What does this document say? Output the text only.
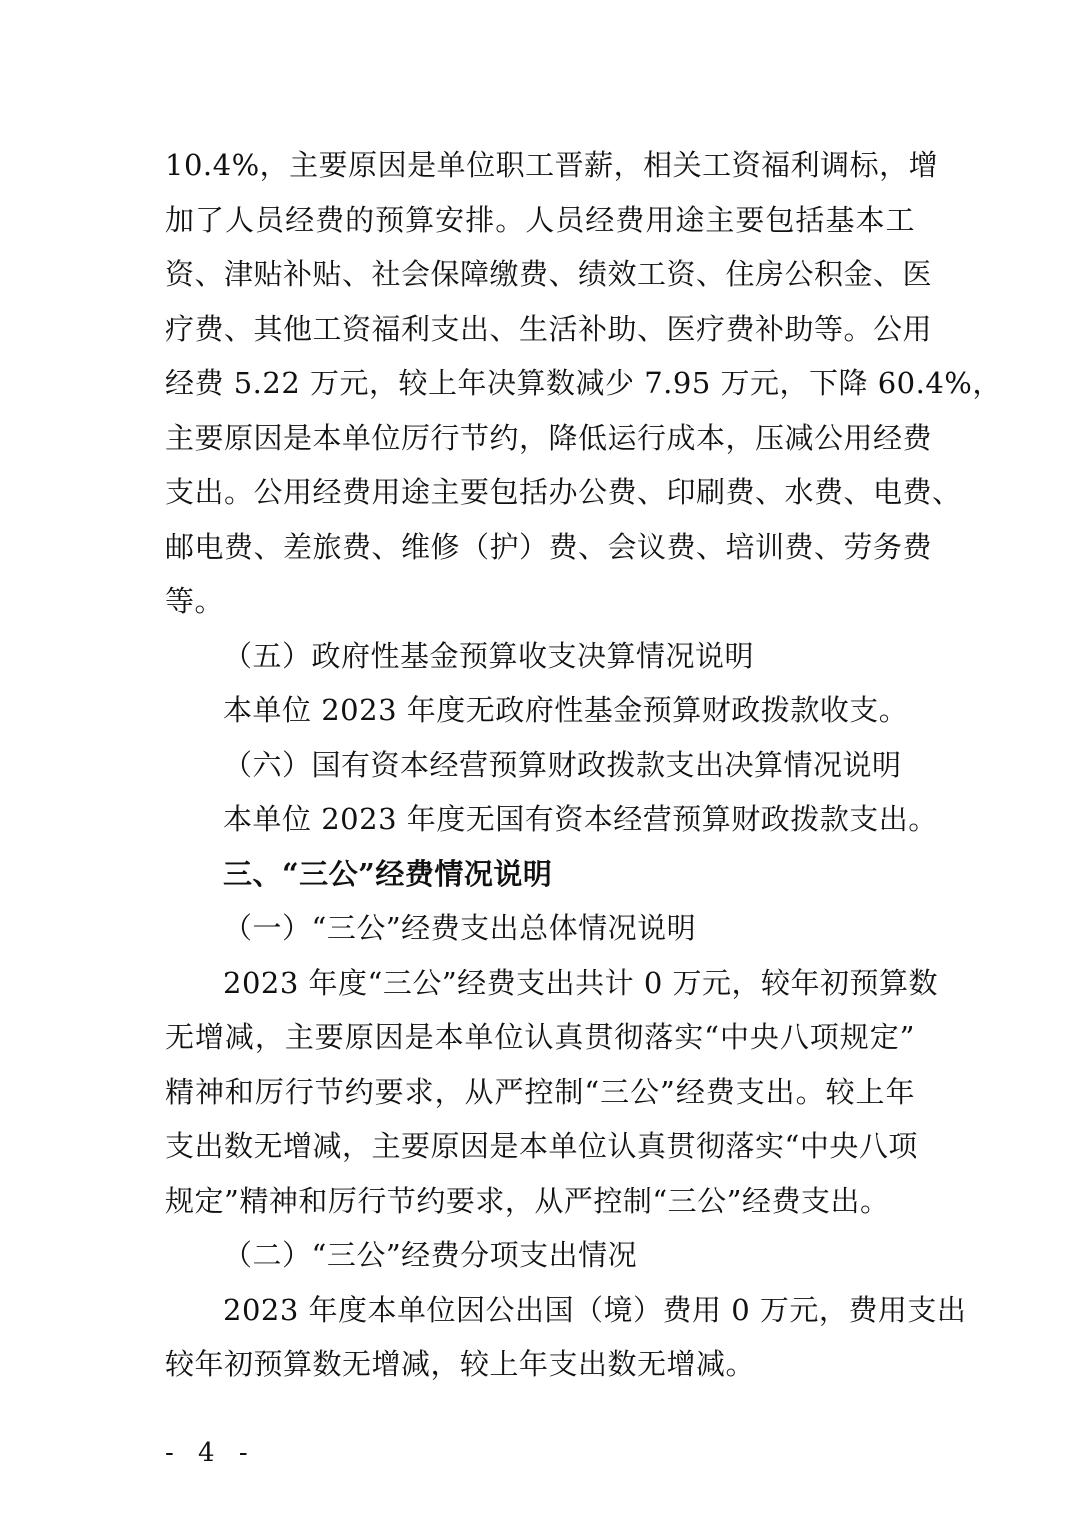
10.4%，主要原因是单位职工晋薪，相关工资福利调标，增
加了人员经费的预算安排。人员经费用途主要包括基本工
资、津贴补贴、社会保障缴费、绩效工资、住房公积金、医
疗费、其他工资福利支出、生活补助、医疗费补助等。公用
经费 5.22 万元，较上年决算数减少 7.95 万元，下降 60.4%，
主要原因是本单位厉行节约，降低运行成本，压减公用经费
支出。公用经费用途主要包括办公费、印刷费、水费、电费、
邮电费、差旅费、维修（护）费、会议费、培训费、劳务费
等。
（五）政府性基金预算收支决算情况说明
本单位 2023 年度无政府性基金预算财政拨款收支。
（六）国有资本经营预算财政拨款支出决算情况说明
本单位 2023 年度无国有资本经营预算财政拨款支出。
三、“三公”经费情况说明
（一）“三公”经费支出总体情况说明
2023 年度“三公”经费支出共计 0 万元，较年初预算数
无增减，主要原因是本单位认真贯彻落实“中央八项规定”
精神和厉行节约要求，从严控制“三公”经费支出。较上年
支出数无增减，主要原因是本单位认真贯彻落实“中央八项
规定”精神和厉行节约要求，从严控制“三公”经费支出。
（二）“三公”经费分项支出情况
2023 年度本单位因公出国（境）费用 0 万元，费用支出
较年初预算数无增减，较上年支出数无增减。
- 4 -
